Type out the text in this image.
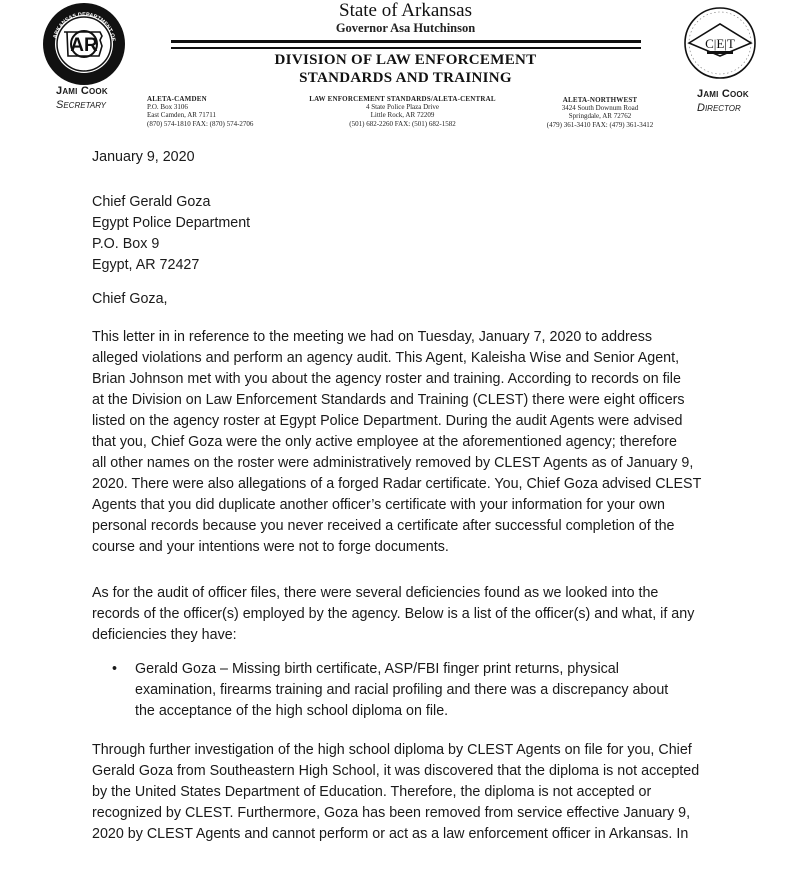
AR
ARKANSAS DEPARTMENT OF
PUBLIC SAFETY
C|E|T
State of Arkansas
Governor Asa Hutchinson
DIVISION OF LAW ENFORCEMENT
STANDARDS AND TRAINING
Jami Cook
Secretary
Jami Cook
Director
ALETA-CAMDEN
P.O. Box 3106
East Camden, AR 71711
(870) 574-1810 FAX: (870) 574-2706
LAW ENFORCEMENT STANDARDS/ALETA-CENTRAL
4 State Police Plaza Drive
Little Rock, AR 72209
(501) 682-2260 FAX: (501) 682-1582
ALETA-NORTHWEST
3424 South Downum Road
Springdale, AR 72762
(479) 361-3410 FAX: (479) 361-3412
January 9, 2020
Chief Gerald Goza
Egypt Police Department
P.O. Box 9
Egypt, AR 72427
Chief Goza,
This letter in in reference to the meeting we had on Tuesday, January 7, 2020 to address
alleged violations and perform an agency audit. This Agent, Kaleisha Wise and Senior Agent,
Brian Johnson met with you about the agency roster and training. According to records on file
at the Division on Law Enforcement Standards and Training (CLEST) there were eight officers
listed on the agency roster at Egypt Police Department. During the audit Agents were advised
that you, Chief Goza were the only active employee at the aforementioned agency; therefore
all other names on the roster were administratively removed by CLEST Agents as of January 9,
2020. There were also allegations of a forged Radar certificate. You, Chief Goza advised CLEST
Agents that you did duplicate another officer’s certificate with your information for your own
personal records because you never received a certificate after successful completion of the
course and your intentions were not to forge documents.
As for the audit of officer files, there were several deficiencies found as we looked into the
records of the officer(s) employed by the agency. Below is a list of the officer(s) and what, if any
deficiencies they have:
• Gerald Goza – Missing birth certificate, ASP/FBI finger print returns, physical
examination, firearms training and racial profiling and there was a discrepancy about
the acceptance of the high school diploma on file.
Through further investigation of the high school diploma by CLEST Agents on file for you, Chief
Gerald Goza from Southeastern High School, it was discovered that the diploma is not accepted
by the United States Department of Education. Therefore, the diploma is not accepted or
recognized by CLEST. Furthermore, Goza has been removed from service effective January 9,
2020 by CLEST Agents and cannot perform or act as a law enforcement officer in Arkansas. In
